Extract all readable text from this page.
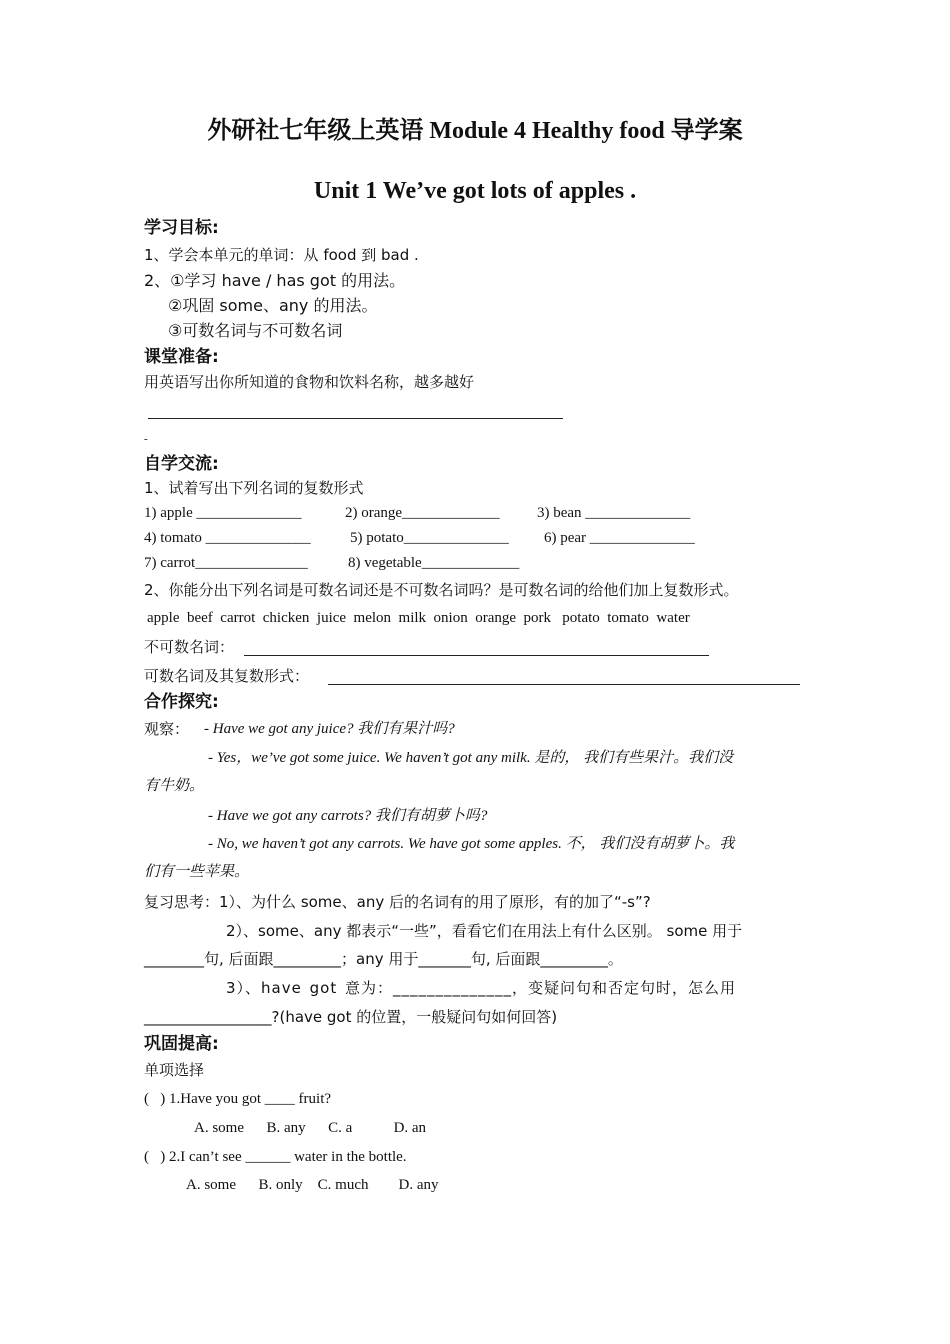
外研社七年级上英语 Module 4 Healthy food 导学案
Unit 1 We’ve got lots of apples .
学习目标:
1、学会本单元的单词：从 food 到 bad .
2、①学习 have / has got 的用法。
②巩固 some、any 的用法。
③可数名词与不可数名词
课堂准备:
用英语写出你所知道的食物和饮料名称，越多越好
-
自学交流:
1、试着写出下列名词的复数形式
1) apple ______________	2) orange_____________ 3) bean ______________
4) tomato ______________	5) potato______________ 6) pear ______________
7) carrot_______________	8) vegetable_____________
2、你能分出下列名词是可数名词还是不可数名词吗？是可数名词的给他们加上复数形式。
apple  beef  carrot  chicken  juice  melon  milk  onion  orange  pork   potato  tomato  water
不可数名词：
可数名词及其复数形式：
合作探究:
观察： - Have we got any juice? 我们有果汁吗?
- Yes，we’ve got some juice. We haven’t got any milk. 是的， 我们有些果汁。我们没
有牛奶。
- Have we got any carrots? 我们有胡萝卜吗?
- No, we haven’t got any carrots. We have got some apples. 不， 我们没有胡萝卜。我
们有一些苹果。
复习思考：1）、为什么 some、any 后的名词有的用了原形，有的加了“-s”?
2）、some、any 都表示“一些”，看看它们在用法上有什么区别。 some 用于
________句, 后面跟_________；any 用于_______句, 后面跟_________。
3）、have got 意为：______________，变疑问句和否定句时，怎么用
_________________?(have got 的位置，一般疑问句如何回答)
巩固提高:
单项选择
(   ) 1.Have you got ____ fruit?
A. some      B. any      C. a           D. an
(   ) 2.I can’t see ______ water in the bottle.
A. some      B. only    C. much        D. any
